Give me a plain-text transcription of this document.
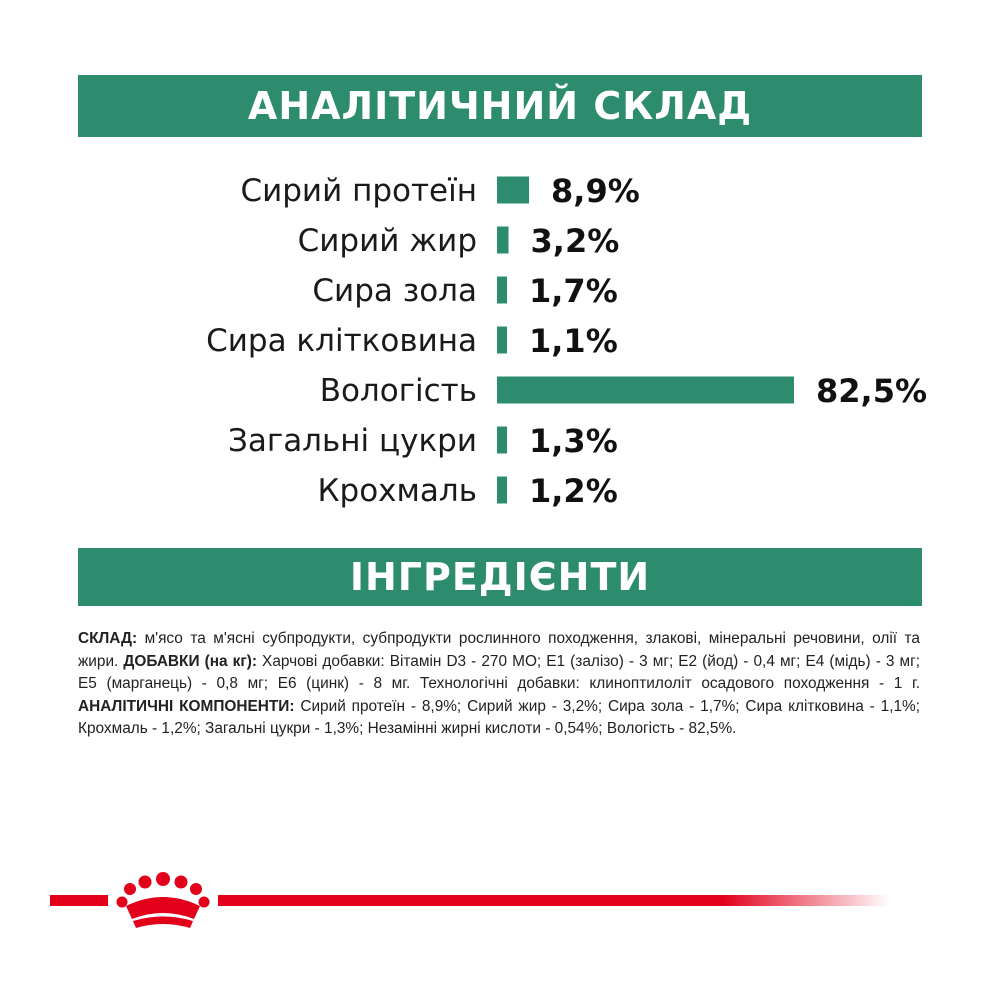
АНАЛІТИЧНИЙ СКЛАД
Сирий протеїн 8,9%
Сирий жир 3,2%
Сира зола 1,7%
Сира клітковина 1,1%
Вологість	82,5%
Загальні цукри 1,3%
Крохмаль 1,2%
ІНГРЕДІЄНТИ
СКЛАД: м'ясо та м'ясні субпродукти, субпродукти рослинного походження, злакові, мінеральні речовини, олії та жири. ДОБАВКИ (на кг): Харчові добавки: Вітамін D3 - 270 МО; Е1 (залізо) - 3 мг; Е2 (йод) - 0,4 мг; Е4 (мідь) - 3 мг; Е5 (марганець) - 0,8 мг; Е6 (цинк) - 8 мг. Технологічні добавки: клиноптилоліт осадового походження - 1 г. АНАЛІТИЧНІ КОМПОНЕНТИ: Сирий протеїн - 8,9%; Сирий жир - 3,2%; Сира зола - 1,7%; Сира клітковина - 1,1%; Крохмаль - 1,2%; Загальні цукри - 1,3%; Незамінні жирні кислоти - 0,54%; Вологість - 82,5%.
